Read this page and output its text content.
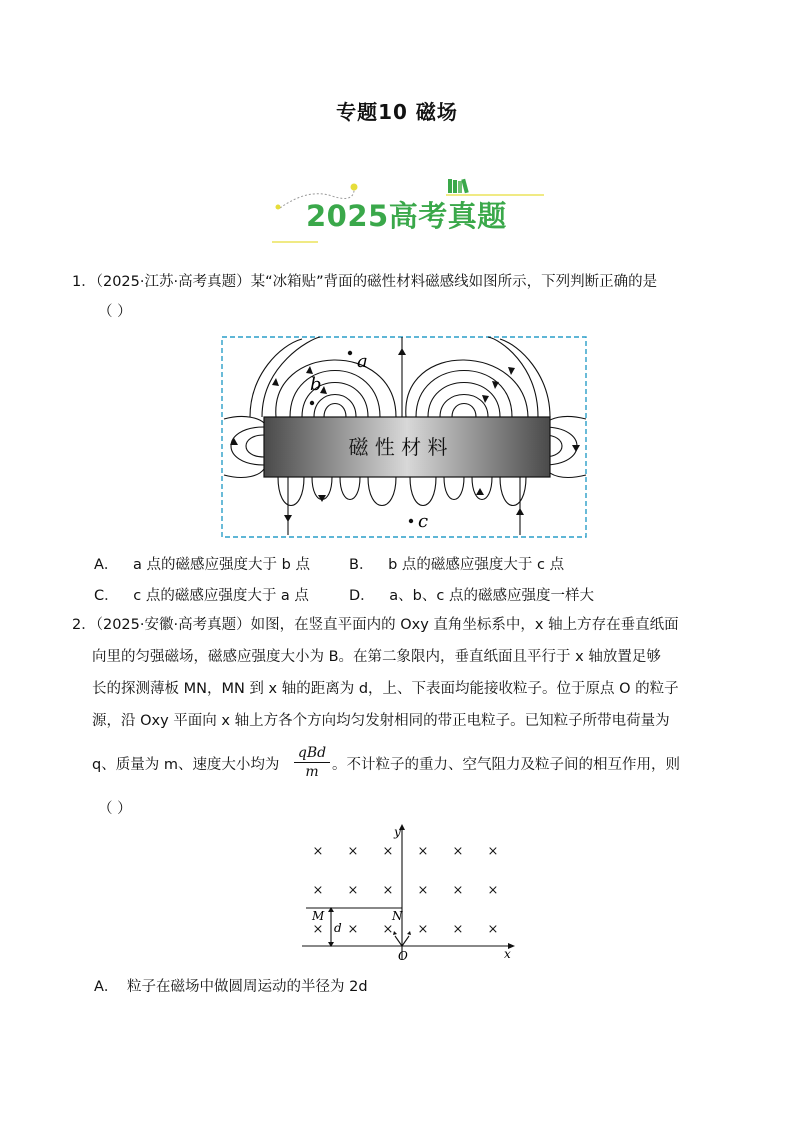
专题10 磁场
2025高考真题
1．（2025·江苏·高考真题）某“冰箱贴”背面的磁性材料磁感线如图所示，下列判断正确的是
（ ）
磁 性 材 料
a
b
c
A． a 点的磁感应强度大于 b 点	B． b 点的磁感应强度大于 c 点
C． c 点的磁感应强度大于 a 点	D． a、b、c 点的磁感应强度一样大
2．（2025·安徽·高考真题）如图，在竖直平面内的 Oxy 直角坐标系中，x 轴上方存在垂直纸面
向里的匀强磁场，磁感应强度大小为 B。在第二象限内，垂直纸面且平行于 x 轴放置足够
长的探测薄板 MN，MN 到 x 轴的距离为 d，上、下表面均能接收粒子。位于原点 O 的粒子
源，沿 Oxy 平面向 x 轴上方各个方向均匀发射相同的带正电粒子。已知粒子所带电荷量为
q、质量为 m、速度大小均为
qBd
m 。不计粒子的重力、空气阻力及粒子间的相互作用，则
（ ）
× × × × × ×
× × × × × ×
× × × × × ×
y
x
O
M	N
d
A． 粒子在磁场中做圆周运动的半径为 2d
